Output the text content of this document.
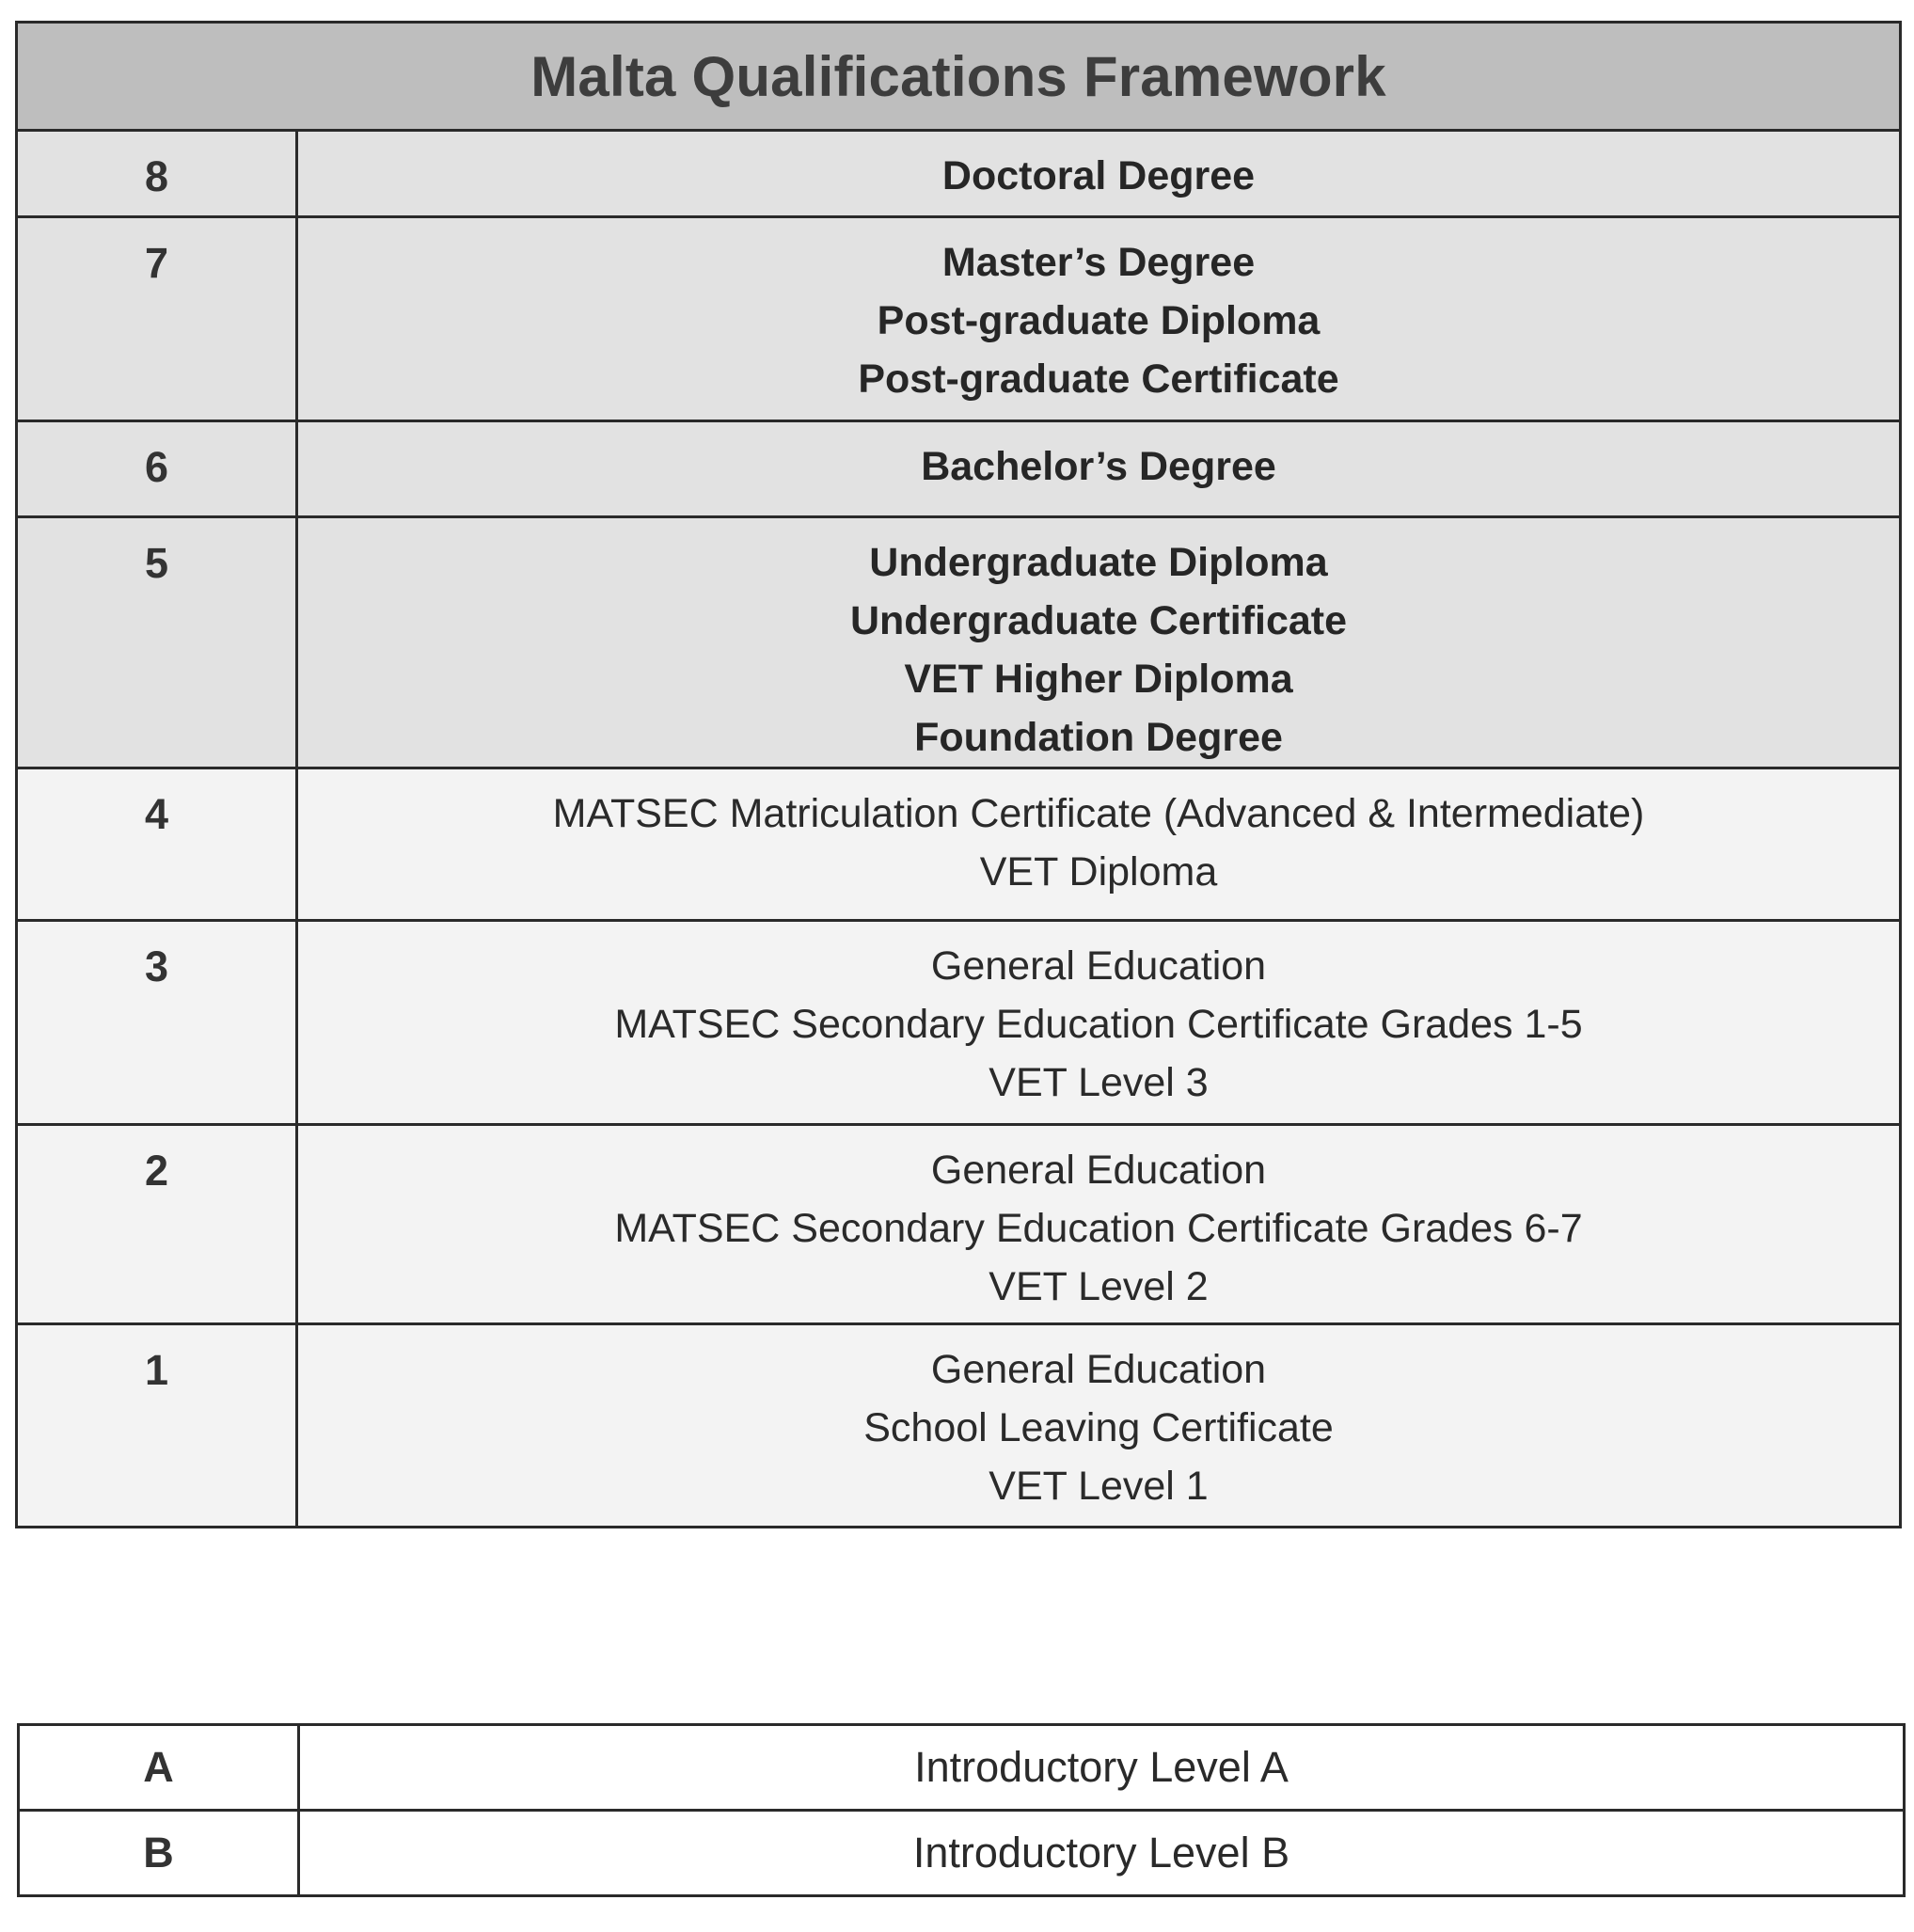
Malta Qualifications Framework	
8	Doctoral Degree

7	Master’s Degree
Post-graduate Diploma
Post-graduate Certificate

6	Bachelor’s Degree

5	Undergraduate Diploma
Undergraduate Certificate
VET Higher Diploma
Foundation Degree

4	MATSEC Matriculation Certificate (Advanced & Intermediate)
VET Diploma

3	General Education
MATSEC Secondary Education Certificate Grades 1-5
VET Level 3

2	General Education
MATSEC Secondary Education Certificate Grades 6-7
VET Level 2

1	General Education
School Leaving Certificate
VET Level 1
A	Introductory Level A
B	Introductory Level B
